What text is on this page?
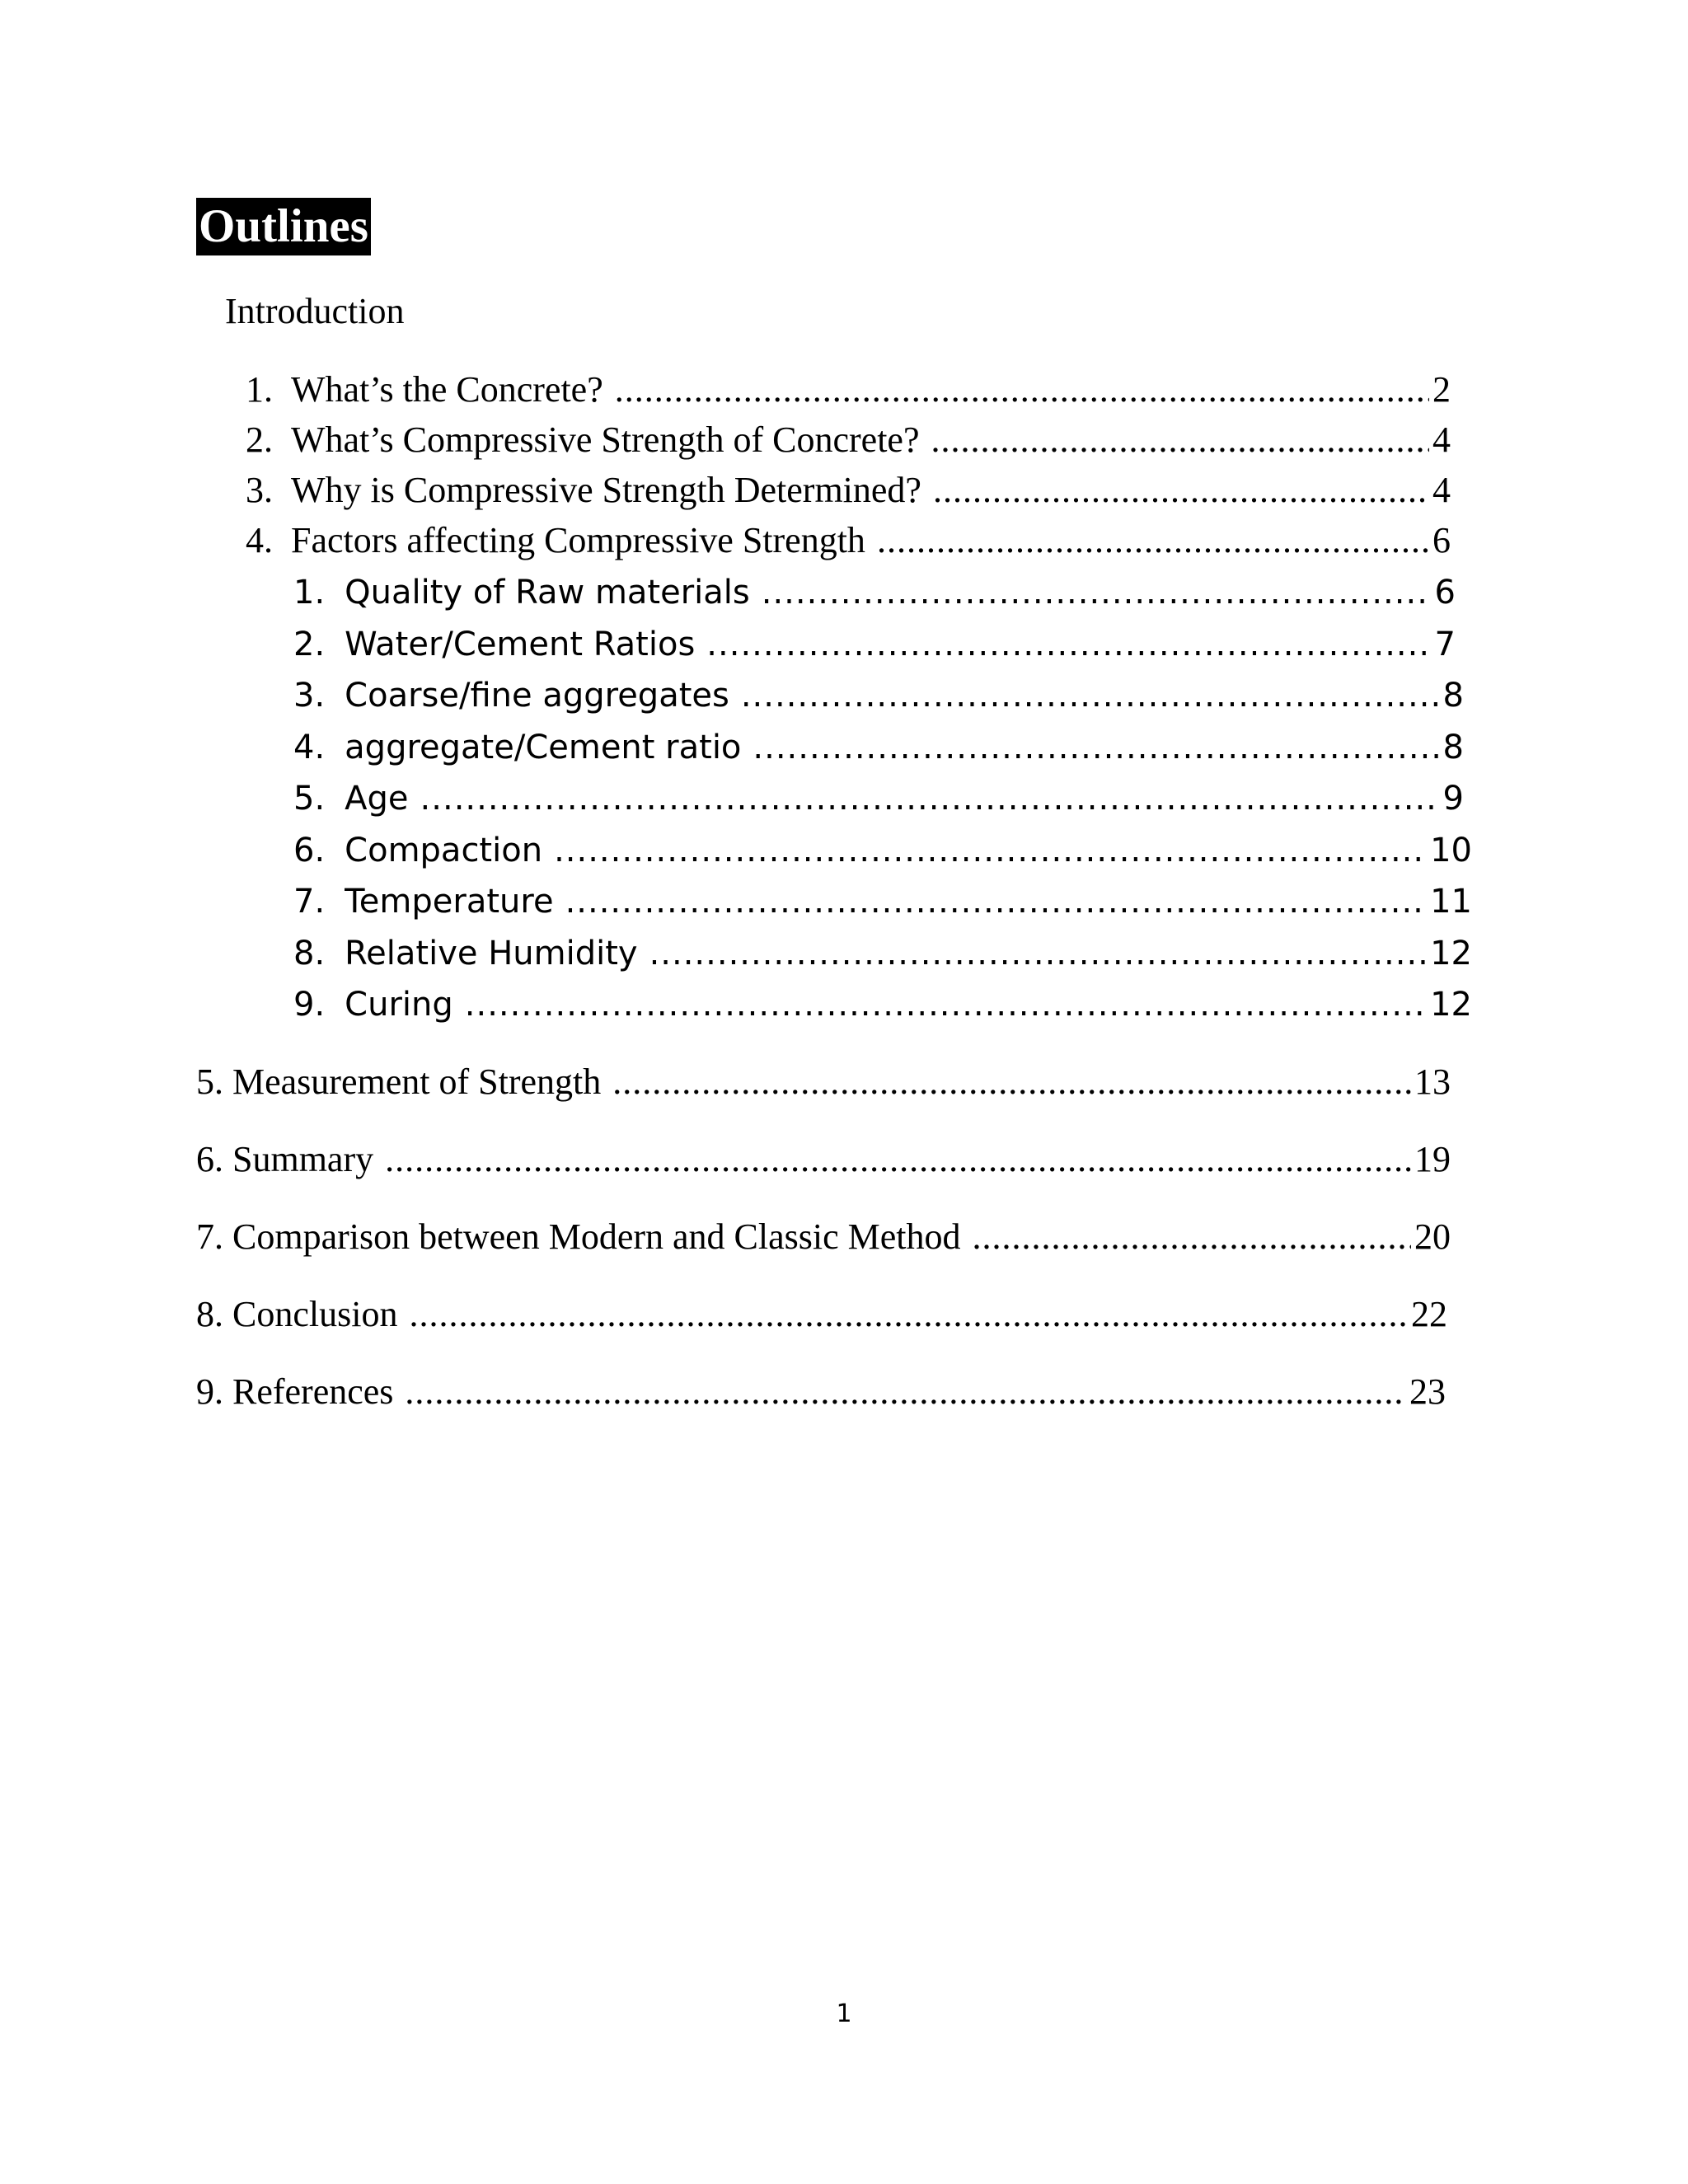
Outlines
Introduction
1. What’s the Concrete? .....	2
2. What’s Compressive Strength of Concrete? .....	4
3. Why is Compressive Strength Determined? .....	4
4. Factors affecting Compressive Strength .....	6
1. Quality of Raw materials .....	6
2. Water/Cement Ratios .....	7
3. Coarse/fine aggregates .....	8
4. aggregate/Cement ratio .....	8
5. Age .....	9
6. Compaction .....	10
7. Temperature .....	11
8. Relative Humidity .....	12
9. Curing .....	12
5. Measurement of Strength .....	13
6. Summary .....	19
7. Comparison between Modern and Classic Method .....	20
8. Conclusion .....	22
9. References .....	23
1
